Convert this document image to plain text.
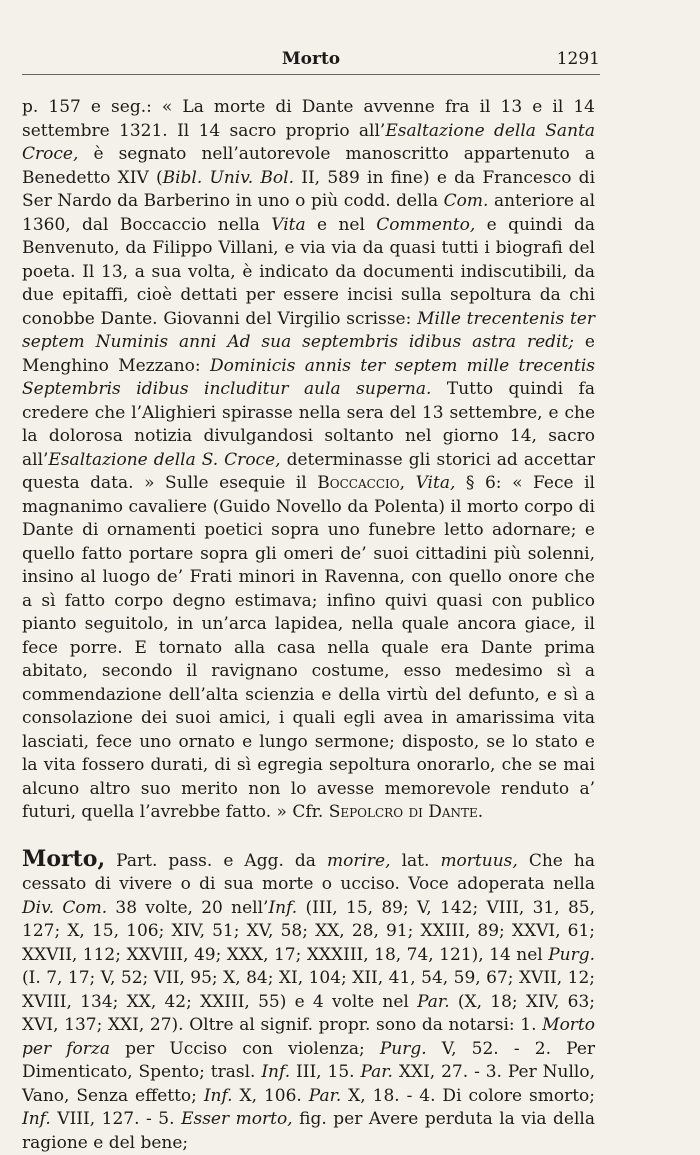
Morto	1291

p. 157 e seg.: « La morte di Dante avvenne fra il 13 e il 14 settembre 1321. Il 14 sacro proprio all’Esaltazione della Santa Croce, è segnato nell’autorevole manoscritto appartenuto a Benedetto XIV (Bibl. Univ. Bol. II, 589 in fine) e da Francesco di Ser Nardo da Barberino in uno o più codd. della Com. anteriore al 1360, dal Boccaccio nella Vita e nel Commento, e quindi da Benvenuto, da Filippo Villani, e via via da quasi tutti i biografi del poeta. Il 13, a sua volta, è indicato da documenti indiscutibili, da due epitaffi, cioè dettati per essere incisi sulla sepoltura da chi conobbe Dante. Giovanni del Virgilio scrisse: Mille trecentenis ter septem Numinis anni Ad sua septembris idibus astra redit; e Menghino Mezzano: Dominicis annis ter septem mille trecentis Septembris idibus includitur aula superna. Tutto quindi fa credere che l’Alighieri spirasse nella sera del 13 settembre, e che la dolorosa notizia divulgandosi soltanto nel giorno 14, sacro all’Esaltazione della S. Croce, determinasse gli storici ad accettar questa data. » Sulle esequie il Boccaccio, Vita, § 6: « Fece il magnanimo cavaliere (Guido Novello da Polenta) il morto corpo di Dante di ornamenti poetici sopra uno funebre letto adornare; e quello fatto portare sopra gli omeri de’ suoi cittadini più solenni, insino al luogo de’ Frati minori in Ravenna, con quello onore che a sì fatto corpo degno estimava; infino quivi quasi con publico pianto seguitolo, in un’arca lapidea, nella quale ancora giace, il fece porre. E tornato alla casa nella quale era Dante prima abitato, secondo il ravignano costume, esso medesimo sì a commendazione dell’alta scienzia e della virtù del defunto, e sì a consolazione dei suoi amici, i quali egli avea in amarissima vita lasciati, fece uno ornato e lungo sermone; disposto, se lo stato e la vita fossero durati, di sì egregia sepoltura onorarlo, che se mai alcuno altro suo merito non lo avesse memorevole renduto a’ futuri, quella l’avrebbe fatto. » Cfr. Sepolcro di Dante.

Morto, Part. pass. e Agg. da morire, lat. mortuus, Che ha cessato di vivere o di sua morte o ucciso. Voce adoperata nella Div. Com. 38 volte, 20 nell’Inf. (III, 15, 89; V, 142; VIII, 31, 85, 127; X, 15, 106; XIV, 51; XV, 58; XX, 28, 91; XXIII, 89; XXVI, 61; XXVII, 112; XXVIII, 49; XXX, 17; XXXIII, 18, 74, 121), 14 nel Purg. (I. 7, 17; V, 52; VII, 95; X, 84; XI, 104; XII, 41, 54, 59, 67; XVII, 12; XVIII, 134; XX, 42; XXIII, 55) e 4 volte nel Par. (X, 18; XIV, 63; XVI, 137; XXI, 27). Oltre al signif. propr. sono da notarsi: 1. Morto per forza per Ucciso con violenza; Purg. V, 52. - 2. Per Dimenticato, Spento; trasl. Inf. III, 15. Par. XXI, 27. - 3. Per Nullo, Vano, Senza effetto; Inf. X, 106. Par. X, 18. - 4. Di colore smorto; Inf. VIII, 127. - 5. Esser morto, fig. per Avere perduta la via della ragione e del bene;
